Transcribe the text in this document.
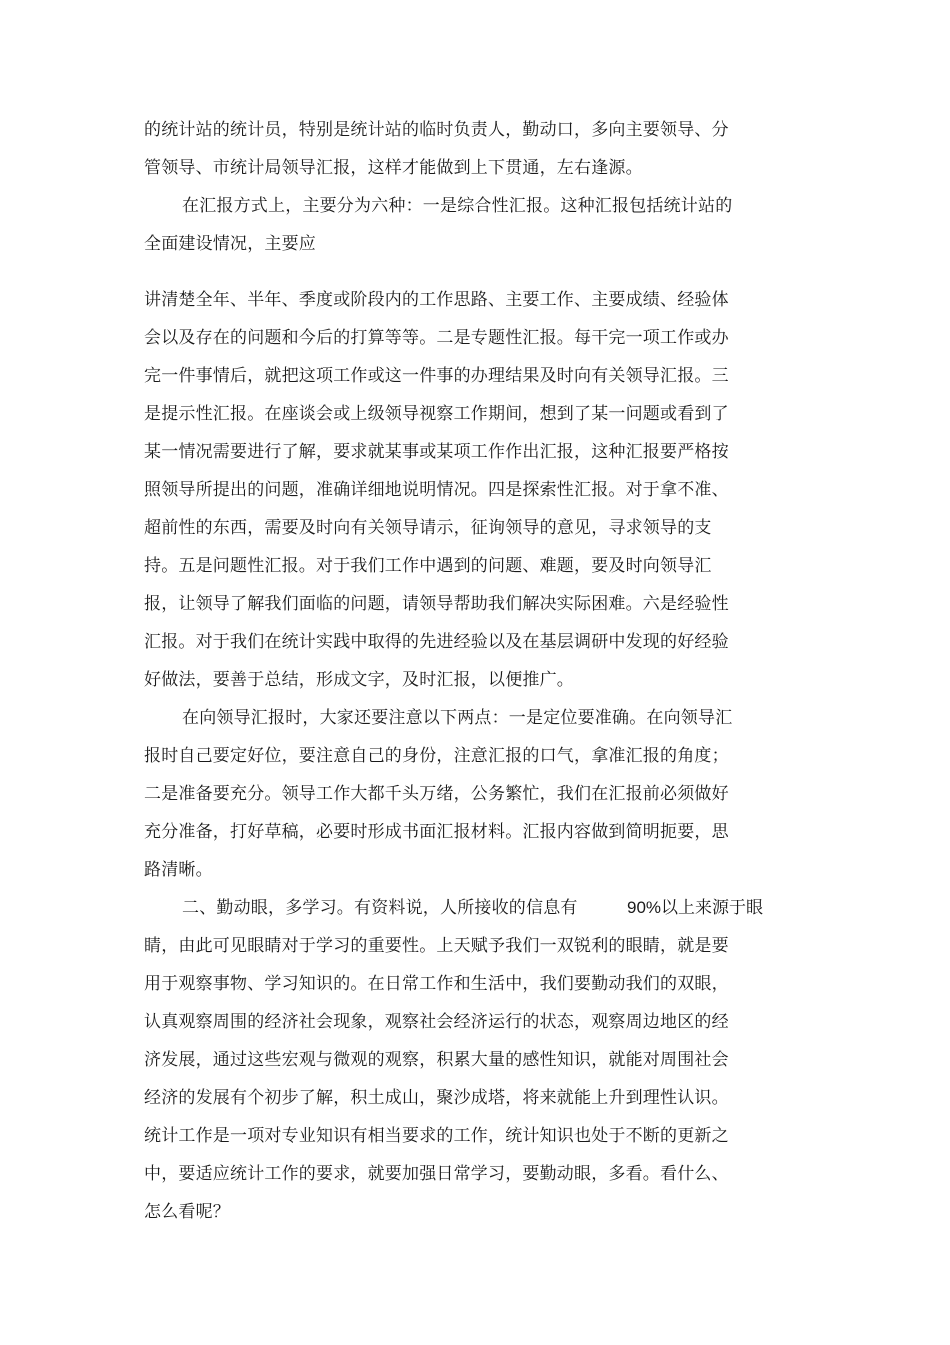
的统计站的统计员，特别是统计站的临时负责人，勤动口，多向主要领导、分
管领导、市统计局领导汇报，这样才能做到上下贯通，左右逢源。
在汇报方式上，主要分为六种：一是综合性汇报。这种汇报包括统计站的
全面建设情况，主要应
讲清楚全年、半年、季度或阶段内的工作思路、主要工作、主要成绩、经验体
会以及存在的问题和今后的打算等等。二是专题性汇报。每干完一项工作或办
完一件事情后，就把这项工作或这一件事的办理结果及时向有关领导汇报。三
是提示性汇报。在座谈会或上级领导视察工作期间，想到了某一问题或看到了
某一情况需要进行了解，要求就某事或某项工作作出汇报，这种汇报要严格按
照领导所提出的问题，准确详细地说明情况。四是探索性汇报。对于拿不准、
超前性的东西，需要及时向有关领导请示，征询领导的意见，寻求领导的支
持。五是问题性汇报。对于我们工作中遇到的问题、难题，要及时向领导汇
报，让领导了解我们面临的问题，请领导帮助我们解决实际困难。六是经验性
汇报。对于我们在统计实践中取得的先进经验以及在基层调研中发现的好经验
好做法，要善于总结，形成文字，及时汇报，以便推广。
在向领导汇报时，大家还要注意以下两点：一是定位要准确。在向领导汇
报时自己要定好位，要注意自己的身份，注意汇报的口气，拿准汇报的角度；
二是准备要充分。领导工作大都千头万绪，公务繁忙，我们在汇报前必须做好
充分准备，打好草稿，必要时形成书面汇报材料。汇报内容做到简明扼要，思
路清晰。
二、勤动眼，多学习。有资料说，人所接收的信息有	90%以上来源于眼
睛，由此可见眼睛对于学习的重要性。上天赋予我们一双锐利的眼睛，就是要
用于观察事物、学习知识的。在日常工作和生活中，我们要勤动我们的双眼，
认真观察周围的经济社会现象，观察社会经济运行的状态，观察周边地区的经
济发展，通过这些宏观与微观的观察，积累大量的感性知识，就能对周围社会
经济的发展有个初步了解，积土成山，聚沙成塔，将来就能上升到理性认识。
统计工作是一项对专业知识有相当要求的工作，统计知识也处于不断的更新之
中，要适应统计工作的要求，就要加强日常学习，要勤动眼，多看。看什么、
怎么看呢？
